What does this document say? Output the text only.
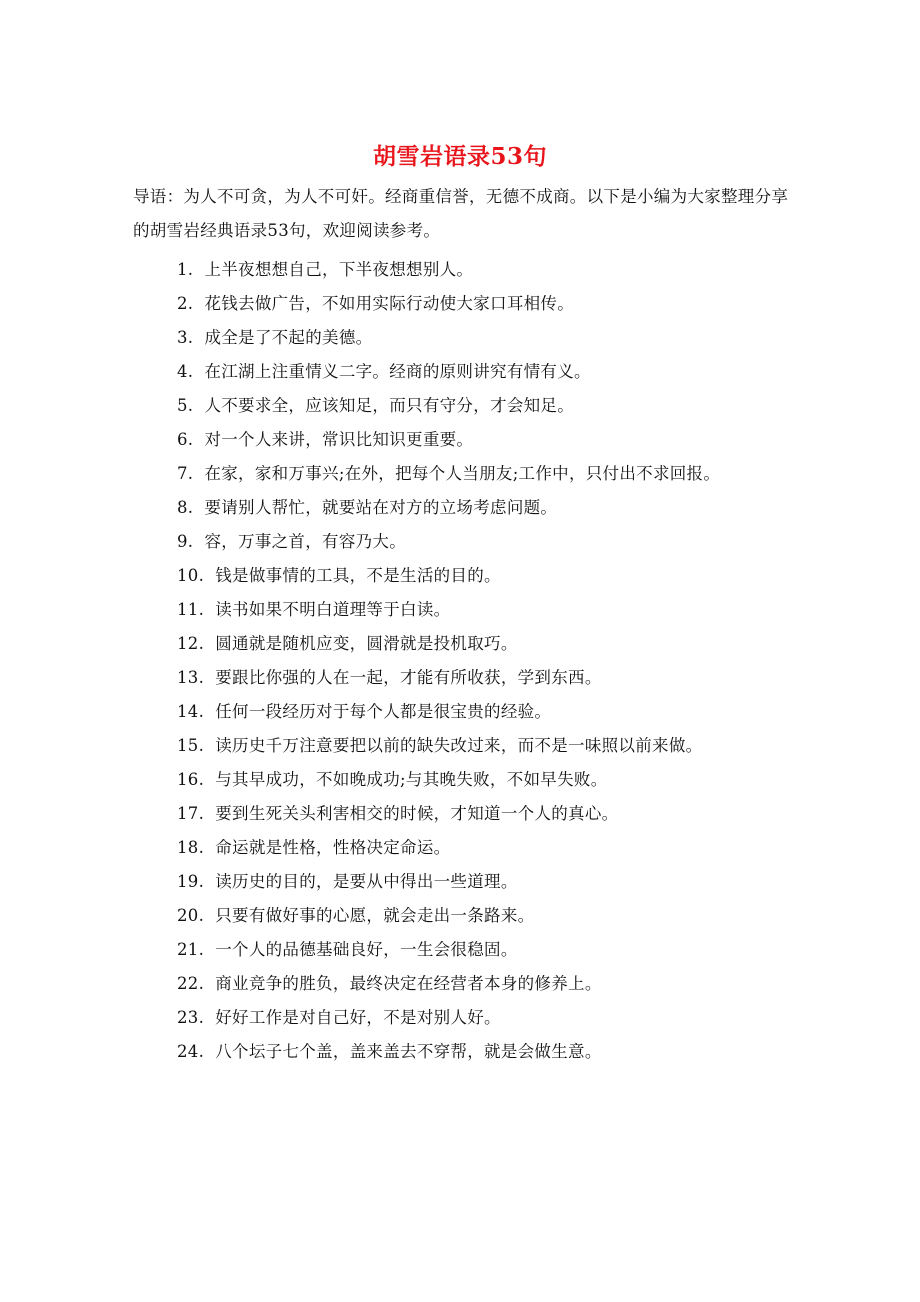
胡雪岩语录53句

导语：为人不可贪，为人不可奸。经商重信誉，无德不成商。以下是小编为大家整理分享的胡雪岩经典语录53句，欢迎阅读参考。

1. 上半夜想想自己，下半夜想想别人。
2. 花钱去做广告，不如用实际行动使大家口耳相传。
3. 成全是了不起的美德。
4. 在江湖上注重情义二字。经商的原则讲究有情有义。
5. 人不要求全，应该知足，而只有守分，才会知足。
6. 对一个人来讲，常识比知识更重要。
7. 在家，家和万事兴;在外，把每个人当朋友;工作中，只付出不求回报。
8. 要请别人帮忙，就要站在对方的立场考虑问题。
9. 容，万事之首，有容乃大。
10. 钱是做事情的工具，不是生活的目的。
11. 读书如果不明白道理等于白读。
12. 圆通就是随机应变，圆滑就是投机取巧。
13. 要跟比你强的人在一起，才能有所收获，学到东西。
14. 任何一段经历对于每个人都是很宝贵的经验。
15. 读历史千万注意要把以前的缺失改过来，而不是一味照以前来做。
16. 与其早成功，不如晚成功;与其晚失败，不如早失败。
17. 要到生死关头利害相交的时候，才知道一个人的真心。
18. 命运就是性格，性格决定命运。
19. 读历史的目的，是要从中得出一些道理。
20. 只要有做好事的心愿，就会走出一条路来。
21. 一个人的品德基础良好，一生会很稳固。
22. 商业竞争的胜负，最终决定在经营者本身的修养上。
23. 好好工作是对自己好，不是对别人好。
24. 八个坛子七个盖，盖来盖去不穿帮，就是会做生意。
